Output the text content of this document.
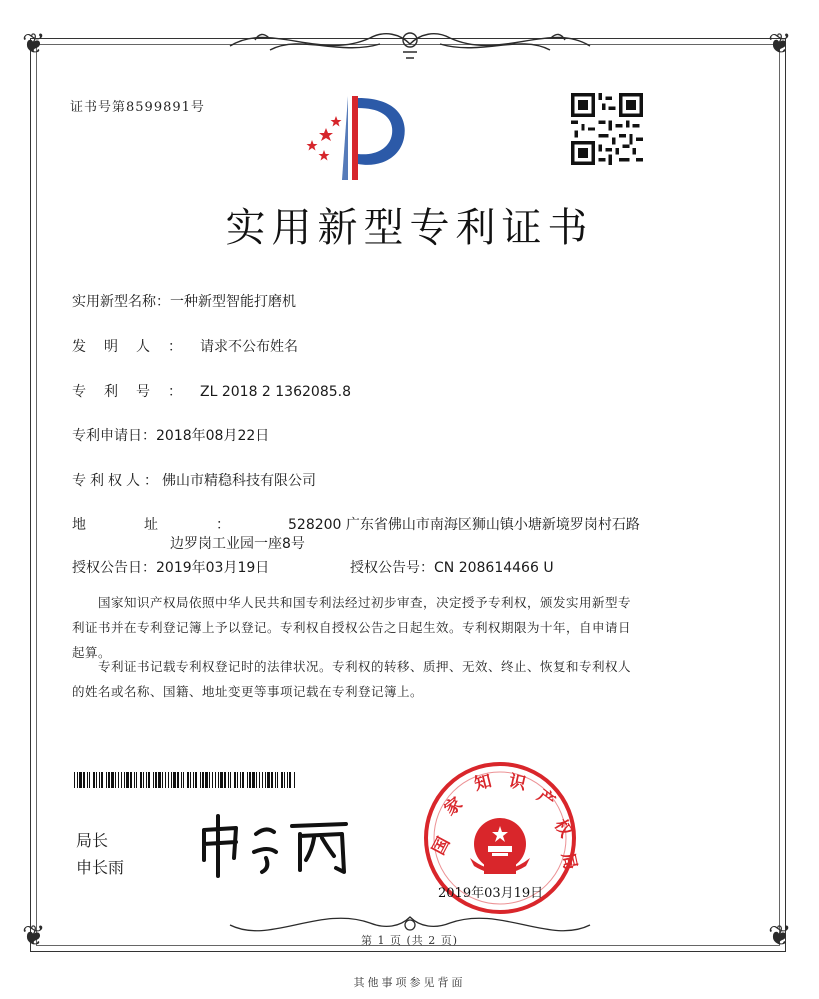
❦	❦
❦	❦
证书号第8599891号
实用新型专利证书
实用新型名称：一种新型智能打磨机
发明人：请求不公布姓名
专利号：ZL 2018 2 1362085.8
专利申请日：2018年08月22日
专利权人：佛山市精稳科技有限公司
地址：528200 广东省佛山市南海区狮山镇小塘新境罗岗村石路
边罗岗工业园一座8号
授权公告日：2019年03月19日	授权公告号：CN 208614466 U
国家知识产权局依照中华人民共和国专利法经过初步审查，决定授予专利权，颁发实用新型专利证书并在专利登记簿上予以登记。专利权自授权公告之日起生效。专利权期限为十年，自申请日起算。
专利证书记载专利权登记时的法律状况。专利权的转移、质押、无效、终止、恢复和专利权人的姓名或名称、国籍、地址变更等事项记载在专利登记簿上。
局长
申长雨
国
家
知 识
产
权
局
2019年03月19日
第 1 页 (共 2 页)
其他事项参见背面
